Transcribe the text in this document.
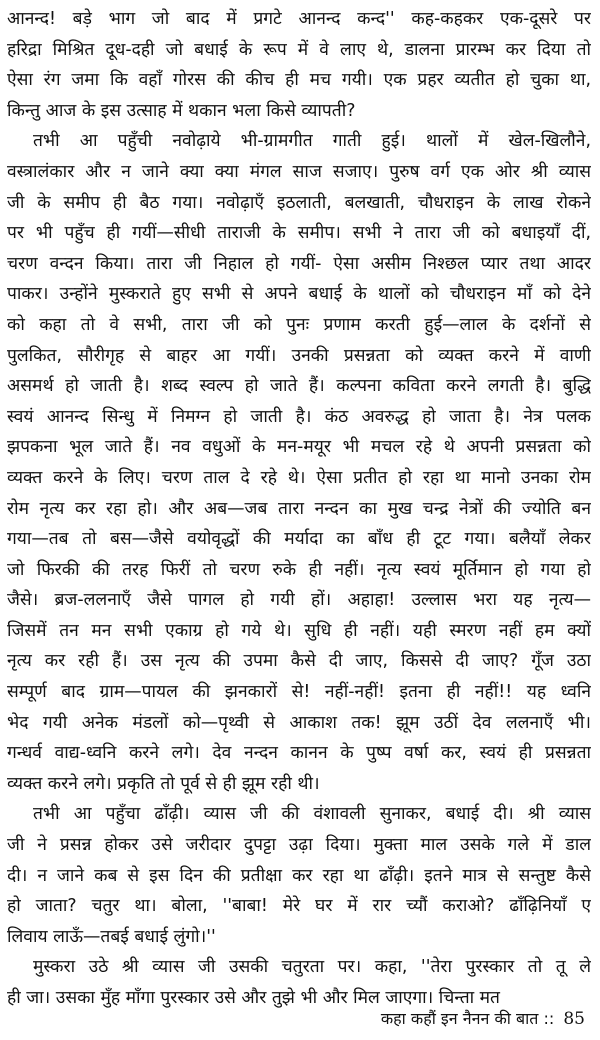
आनन्द! बड़े भाग जो बाद में प्रगटे आनन्द कन्द'' कह-कहकर एक-दूसरे पर
हरिद्रा मिश्रित दूध-दही जो बधाई के रूप में वे लाए थे, डालना प्रारम्भ कर दिया तो
ऐसा रंग जमा कि वहाँ गोरस की कीच ही मच गयी। एक प्रहर व्यतीत हो चुका था,
किन्तु आज के इस उत्साह में थकान भला किसे व्यापती?

तभी आ पहुँची नवोढ़ाये भी-ग्रामगीत गाती हुई। थालों में खेल-खिलौने,
वस्त्रालंकार और न जाने क्या क्या मंगल साज सजाए। पुरुष वर्ग एक ओर श्री व्यास
जी के समीप ही बैठ गया। नवोढ़ाएँ इठलाती, बलखाती, चौधराइन के लाख रोकने
पर भी पहुँच ही गयीं—सीधी ताराजी के समीप। सभी ने तारा जी को बधाइयाँ दीं,
चरण वन्दन किया। तारा जी निहाल हो गयीं- ऐसा असीम निश्छल प्यार तथा आदर
पाकर। उन्होंने मुस्कराते हुए सभी से अपने बधाई के थालों को चौधराइन माँ को देने
को कहा तो वे सभी, तारा जी को पुनः प्रणाम करती हुई—लाल के दर्शनों से
पुलकित, सौरीगृह से बाहर आ गयीं। उनकी प्रसन्नता को व्यक्त करने में वाणी
असमर्थ हो जाती है। शब्द स्वल्प हो जाते हैं। कल्पना कविता करने लगती है। बुद्धि
स्वयं आनन्द सिन्धु में निमग्न हो जाती है। कंठ अवरुद्ध हो जाता है। नेत्र पलक
झपकना भूल जाते हैं। नव वधुओं के मन-मयूर भी मचल रहे थे अपनी प्रसन्नता को
व्यक्त करने के लिए। चरण ताल दे रहे थे। ऐसा प्रतीत हो रहा था मानो उनका रोम
रोम नृत्य कर रहा हो। और अब—जब तारा नन्दन का मुख चन्द्र नेत्रों की ज्योति बन
गया—तब तो बस—जैसे वयोवृद्धों की मर्यादा का बाँध ही टूट गया। बलैयाँ लेकर
जो फिरकी की तरह फिरीं तो चरण रुके ही नहीं। नृत्य स्वयं मूर्तिमान हो गया हो
जैसे। ब्रज-ललनाएँ जैसे पागल हो गयी हों। अहाहा! उल्लास भरा यह नृत्य—
जिसमें तन मन सभी एकाग्र हो गये थे। सुधि ही नहीं। यही स्मरण नहीं हम क्यों
नृत्य कर रही हैं। उस नृत्य की उपमा कैसे दी जाए, किससे दी जाए? गूँज उठा
सम्पूर्ण बाद ग्राम—पायल की झनकारों से! नहीं-नहीं! इतना ही नहीं!! यह ध्वनि
भेद गयी अनेक मंडलों को—पृथ्वी से आकाश तक! झूम उठीं देव ललनाएँ भी।
गन्धर्व वाद्य-ध्वनि करने लगे। देव नन्दन कानन के पुष्प वर्षा कर, स्वयं ही प्रसन्नता
व्यक्त करने लगे। प्रकृति तो पूर्व से ही झूम रही थी।

तभी आ पहुँचा ढाँढ़ी। व्यास जी की वंशावली सुनाकर, बधाई दी। श्री व्यास
जी ने प्रसन्न होकर उसे जरीदार दुपट्टा उढ़ा दिया। मुक्ता माल उसके गले में डाल
दी। न जाने कब से इस दिन की प्रतीक्षा कर रहा था ढाँढ़ी। इतने मात्र से सन्तुष्ट कैसे
हो जाता? चतुर था। बोला, ''बाबा! मेरे घर में रार च्यौं कराओ? ढाँढ़िनियाँ ए
लिवाय लाऊँ—तबई बधाई लुंगो।''

मुस्करा उठे श्री व्यास जी उसकी चतुरता पर। कहा, ''तेरा पुरस्कार तो तू ले
ही जा। उसका मुँह माँगा पुरस्कार उसे और तुझे भी और मिल जाएगा। चिन्ता मत

कहा कहौं इन नैनन की बात :: 85
